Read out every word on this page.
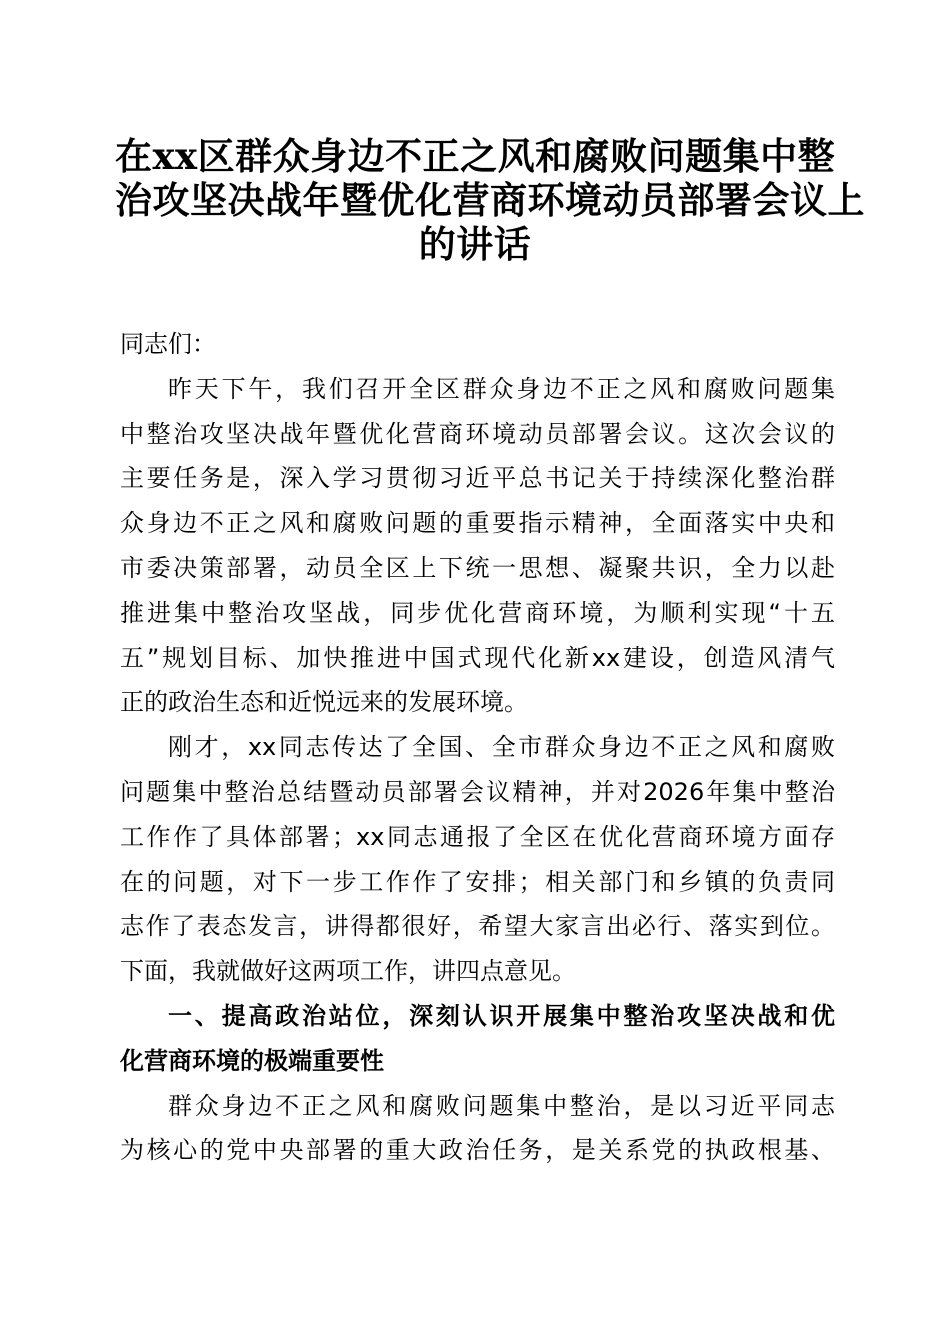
在xx区群众身边不正之风和腐败问题集中整
治攻坚决战年暨优化营商环境动员部署会议上
的讲话
同志们：
昨天下午，我们召开全区群众身边不正之风和腐败问题集
中整治攻坚决战年暨优化营商环境动员部署会议。这次会议的
主要任务是，深入学习贯彻习近平总书记关于持续深化整治群
众身边不正之风和腐败问题的重要指示精神，全面落实中央和
市委决策部署，动员全区上下统一思想、凝聚共识，全力以赴
推进集中整治攻坚战，同步优化营商环境，为顺利实现“十五
五”规划目标、加快推进中国式现代化新xx建设，创造风清气
正的政治生态和近悦远来的发展环境。
刚才，xx同志传达了全国、全市群众身边不正之风和腐败
问题集中整治总结暨动员部署会议精神，并对2026年集中整治
工作作了具体部署；xx同志通报了全区在优化营商环境方面存
在的问题，对下一步工作作了安排；相关部门和乡镇的负责同
志作了表态发言，讲得都很好，希望大家言出必行、落实到位。
下面，我就做好这两项工作，讲四点意见。
一、提高政治站位，深刻认识开展集中整治攻坚决战和优
化营商环境的极端重要性
群众身边不正之风和腐败问题集中整治，是以习近平同志
为核心的党中央部署的重大政治任务，是关系党的执政根基、
